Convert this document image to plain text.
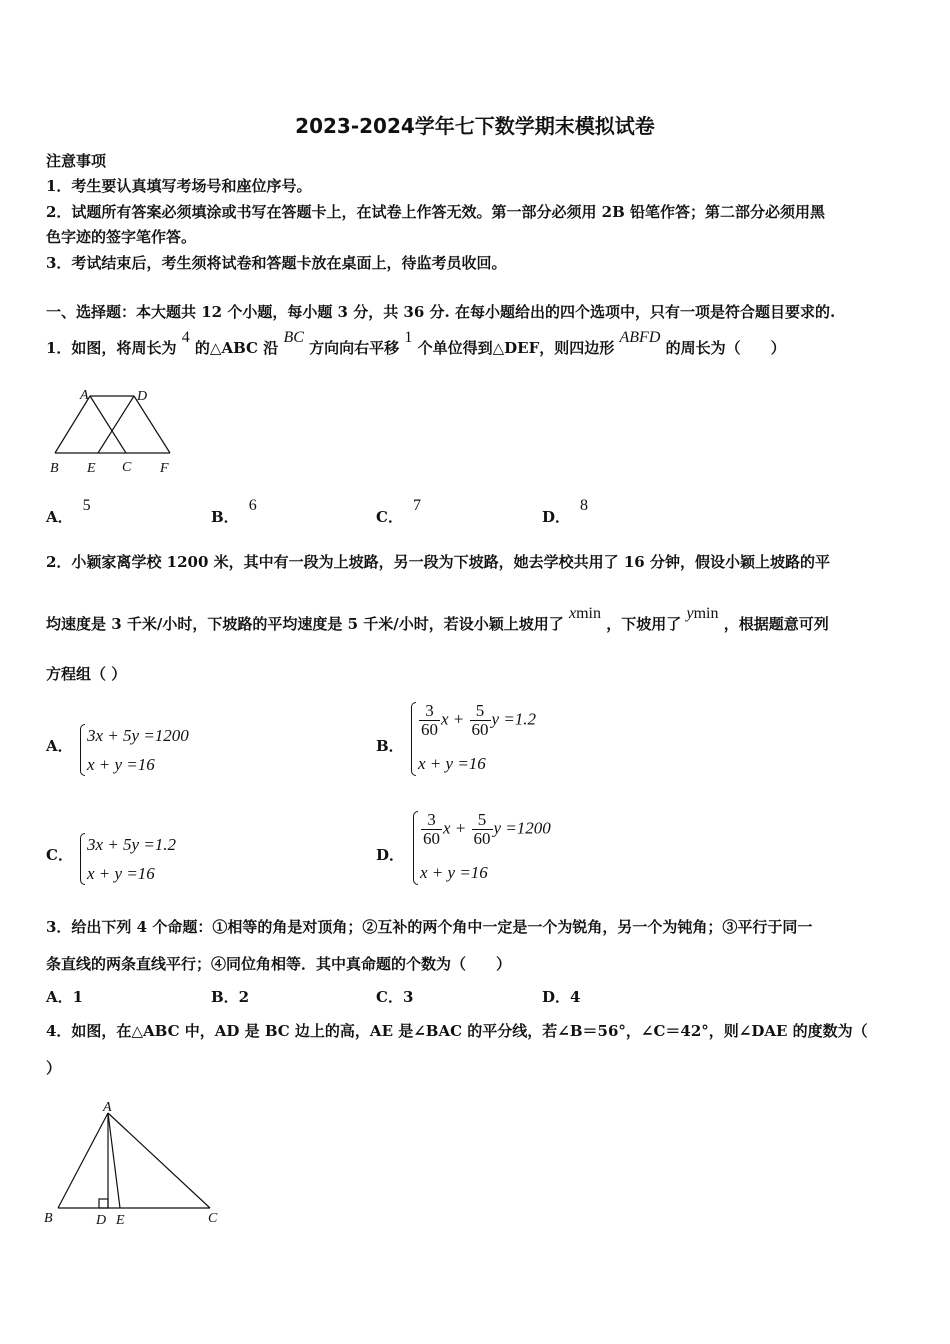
2023-2024学年七下数学期末模拟试卷
注意事项
1．考生要认真填写考场号和座位序号。
2．试题所有答案必须填涂或书写在答题卡上，在试卷上作答无效。第一部分必须用 2B 铅笔作答；第二部分必须用黑
色字迹的签字笔作答。
3．考试结束后，考生须将试卷和答题卡放在桌面上，待监考员收回。
一、选择题：本大题共 12 个小题，每小题 3 分，共 36 分. 在每小题给出的四个选项中，只有一项是符合题目要求的.
1．如图，将周长为 4 的△ABC 沿 BC 方向向右平移 1 个单位得到△DEF，则四边形 ABFD 的周长为（　　）
A	D
B E C F
A．5
B．6
C．7
D．8
2．小颖家离学校 1200 米，其中有一段为上坡路，另一段为下坡路，她去学校共用了 16 分钟，假设小颖上坡路的平
均速度是 3 千米/小时，下坡路的平均速度是 5 千米/小时，若设小颖上坡用了 xmin ，下坡用了 ymin ，根据题意可列
方程组（ ）
A．
3x + 5y =1200
x + y =16
B．
$\frac{3}{60}$ $x + \frac{5}{60}$ y =1.2
x + y =16
C．
3x + 5y =1.2
x + y =16
D．
$\frac{3}{60}$ $x + \frac{5}{60}$ y =1200
x + y =16
3．给出下列 4 个命题：①相等的角是对顶角；②互补的两个角中一定是一个为锐角，另一个为钝角；③平行于同一
条直线的两条直线平行；④同位角相等．其中真命题的个数为（　　）
A．1	B．2	C．3	D．4
4．如图，在△ABC 中，AD 是 BC 边上的高，AE 是∠BAC 的平分线，若∠B＝56°，∠C＝42°，则∠DAE 的度数为（
）
A
B	D E	C
